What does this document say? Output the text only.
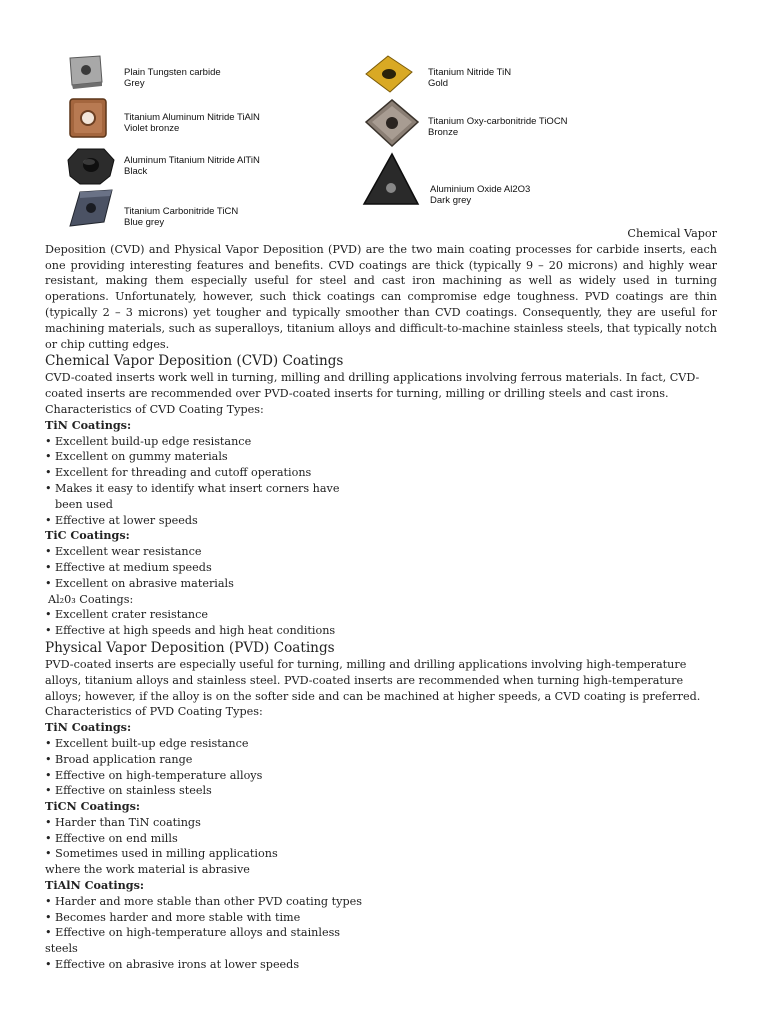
Plain Tungsten carbide
Grey
Titanium Aluminum Nitride TiAlN
Violet bronze
Aluminum Titanium Nitride AlTiN
Black
Titanium Carbonitride TiCN
Blue grey
Titanium Nitride TiN
Gold
Titanium Oxy-carbonitride TiOCN
Bronze
Aluminium Oxide Al2O3
Dark grey

Chemical Vapor

Deposition (CVD) and Physical Vapor Deposition (PVD) are the two main coating processes for carbide inserts, each one providing interesting features and benefits. CVD coatings are thick (typically 9 – 20 microns) and highly wear resistant, making them especially useful for steel and cast iron machining as well as widely used in turning operations. Unfortunately, however, such thick coatings can compromise edge toughness. PVD coatings are thin (typically 2 – 3 microns) yet tougher and typically smoother than CVD coatings. Consequently, they are useful for machining materials, such as superalloys, titanium alloys and difficult-to-machine stainless steels, that typically notch or chip cutting edges.

Chemical Vapor Deposition (CVD) Coatings

CVD-coated inserts work well in turning, milling and drilling applications involving ferrous materials. In fact, CVD-coated inserts are recommended over PVD-coated inserts for turning, milling or drilling steels and cast irons.

Characteristics of CVD Coating Types:

TiN Coatings:

• Excellent build-up edge resistance
• Excellent on gummy materials
• Excellent for threading and cutoff operations
• Makes it easy to identify what insert corners have
been used
• Effective at lower speeds

TiC Coatings:

• Excellent wear resistance
• Effective at medium speeds
• Excellent on abrasive materials

Al₂0₃ Coatings:

• Excellent crater resistance
• Effective at high speeds and high heat conditions
Physical Vapor Deposition (PVD) Coatings

PVD-coated inserts are especially useful for turning, milling and drilling applications involving high-temperature alloys, titanium alloys and stainless steel. PVD-coated inserts are recommended when turning high-temperature alloys; however, if the alloy is on the softer side and can be machined at higher speeds, a CVD coating is preferred.

Characteristics of PVD Coating Types:

TiN Coatings:

• Excellent built-up edge resistance
• Broad application range
• Effective on high-temperature alloys
• Effective on stainless steels

TiCN Coatings:

• Harder than TiN coatings
• Effective on end mills
• Sometimes used in milling applications
where the work material is abrasive

TiAlN Coatings:

• Harder and more stable than other PVD coating types
• Becomes harder and more stable with time
• Effective on high-temperature alloys and stainless
steels
• Effective on abrasive irons at lower speeds
